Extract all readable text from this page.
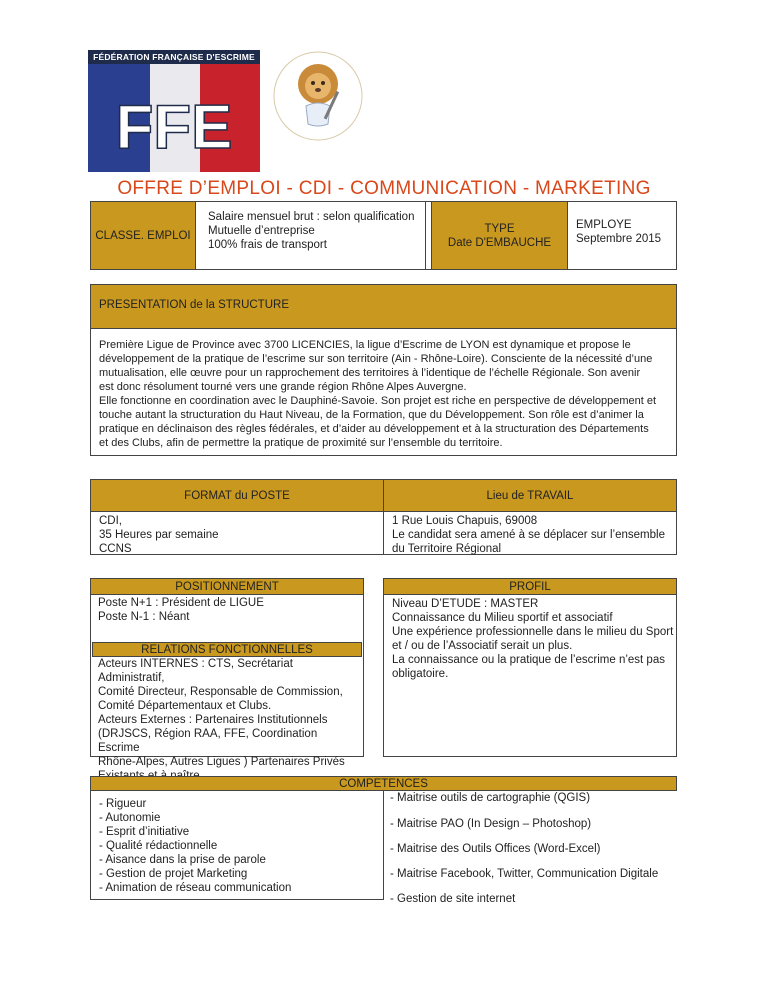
FFE
FÉDÉRATION FRANÇAISE D'ESCRIME
OFFRE D’EMPLOI - CDI - COMMUNICATION - MARKETING
CLASSE. EMPLOI
Salaire mensuel brut : selon qualification
Mutuelle d’entreprise
100% frais de transport
TYPE
Date D'EMBAUCHE
EMPLOYE
Septembre 2015
PRESENTATION de la STRUCTURE
Première Ligue de Province avec 3700 LICENCIES, la ligue d’Escrime de LYON est dynamique et propose le
développement de la pratique de l’escrime sur son territoire (Ain - Rhône-Loire). Consciente de la nécessité d’une
mutualisation, elle œuvre pour un rapprochement des territoires à l’identique de l’échelle Régionale. Son avenir
est donc résolument tourné vers une grande région Rhône Alpes Auvergne.
Elle fonctionne en coordination avec le Dauphiné-Savoie. Son projet est riche en perspective de développement et
touche autant la structuration du Haut Niveau, de la Formation, que du Développement. Son rôle est d’animer la
pratique en déclinaison des règles fédérales, et d’aider au développement et à la structuration des Départements
et des Clubs, afin de permettre la pratique de proximité sur l’ensemble du territoire.
FORMAT du POSTE	Lieu de TRAVAIL
CDI,
35 Heures par semaine
CCNS
1 Rue Louis Chapuis, 69008
Le candidat sera amené à se déplacer sur l’ensemble
du Territoire Régional
POSITIONNEMENT
Poste N+1 : Président de LIGUE
Poste N-1 : Néant
RELATIONS FONCTIONNELLES
Acteurs INTERNES : CTS, Secrétariat Administratif,
Comité Directeur, Responsable de Commission,
Comité Départementaux et Clubs.
Acteurs Externes : Partenaires Institutionnels
(DRJSCS, Région RAA, FFE, Coordination Escrime
Rhône-Alpes, Autres Ligues ) Partenaires Privés
PROFIL
Niveau D’ETUDE : MASTER
Connaissance du Milieu sportif et associatif
Une expérience professionnelle dans le milieu du Sport
et / ou de l’Associatif serait un plus.
La connaissance ou la pratique de l’escrime n’est pas
obligatoire.
COMPETENCES
- Rigueur
- Autonomie
- Esprit d’initiative
- Qualité rédactionnelle
- Aisance dans la prise de parole
- Gestion de projet Marketing
- Animation de réseau communication
- Maitrise outils de cartographie (QGIS)
- Maitrise PAO (In Design – Photoshop)
- Maitrise des Outils Offices (Word-Excel)
- Maitrise Facebook, Twitter, Communication Digitale
- Gestion de site internet
